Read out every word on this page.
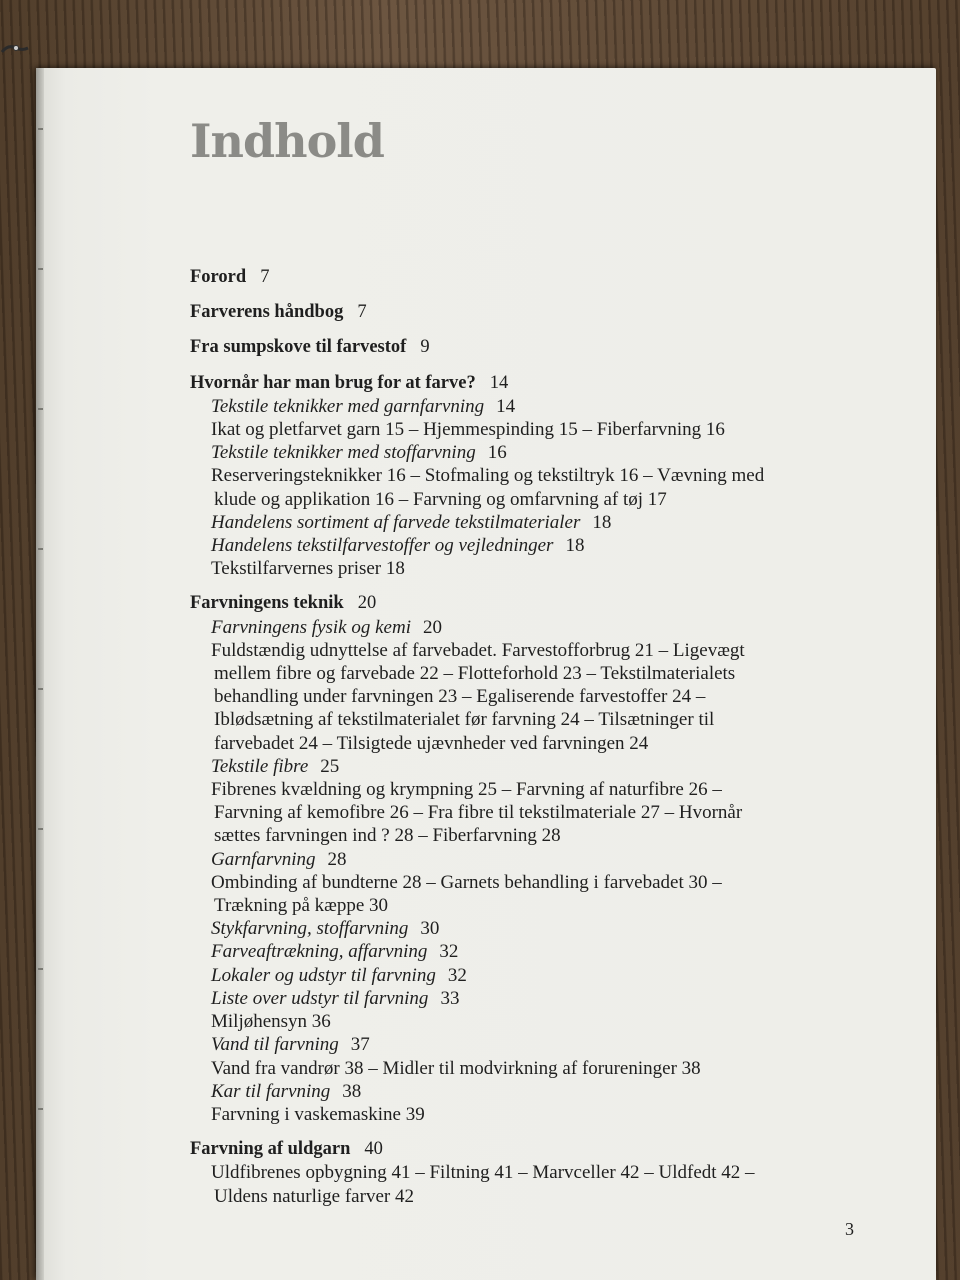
Indhold
Forord 7
Farverens håndbog 7
Fra sumpskove til farvestof 9
Hvornår har man brug for at farve? 14
Tekstile teknikker med garnfarvning 14
Ikat og pletfarvet garn 15 – Hjemmespinding 15 – Fiberfarvning 16
Tekstile teknikker med stoffarvning 16
Reserveringsteknikker 16 – Stofmaling og tekstiltryk 16 – Vævning med
klude og applikation 16 – Farvning og omfarvning af tøj 17
Handelens sortiment af farvede tekstilmaterialer 18
Handelens tekstilfarvestoffer og vejledninger 18
Tekstilfarvernes priser 18
Farvningens teknik 20
Farvningens fysik og kemi 20
Fuldstændig udnyttelse af farvebadet. Farvestofforbrug 21 – Ligevægt
mellem fibre og farvebade 22 – Flotteforhold 23 – Tekstilmaterialets
behandling under farvningen 23 – Egaliserende farvestoffer 24 –
Iblødsætning af tekstilmaterialet før farvning 24 – Tilsætninger til
farvebadet 24 – Tilsigtede ujævnheder ved farvningen 24
Tekstile fibre 25
Fibrenes kvældning og krympning 25 – Farvning af naturfibre 26 –
Farvning af kemofibre 26 – Fra fibre til tekstilmateriale 27 – Hvornår
sættes farvningen ind ? 28 – Fiberfarvning 28
Garnfarvning 28
Ombinding af bundterne 28 – Garnets behandling i farvebadet 30 –
Trækning på kæppe 30
Stykfarvning, stoffarvning 30
Farveaftrækning, affarvning 32
Lokaler og udstyr til farvning 32
Liste over udstyr til farvning 33
Miljøhensyn 36
Vand til farvning 37
Vand fra vandrør 38 – Midler til modvirkning af forureninger 38
Kar til farvning 38
Farvning i vaskemaskine 39
Farvning af uldgarn 40
Uldfibrenes opbygning 41 – Filtning 41 – Marvceller 42 – Uldfedt 42 –
Uldens naturlige farver 42
3
